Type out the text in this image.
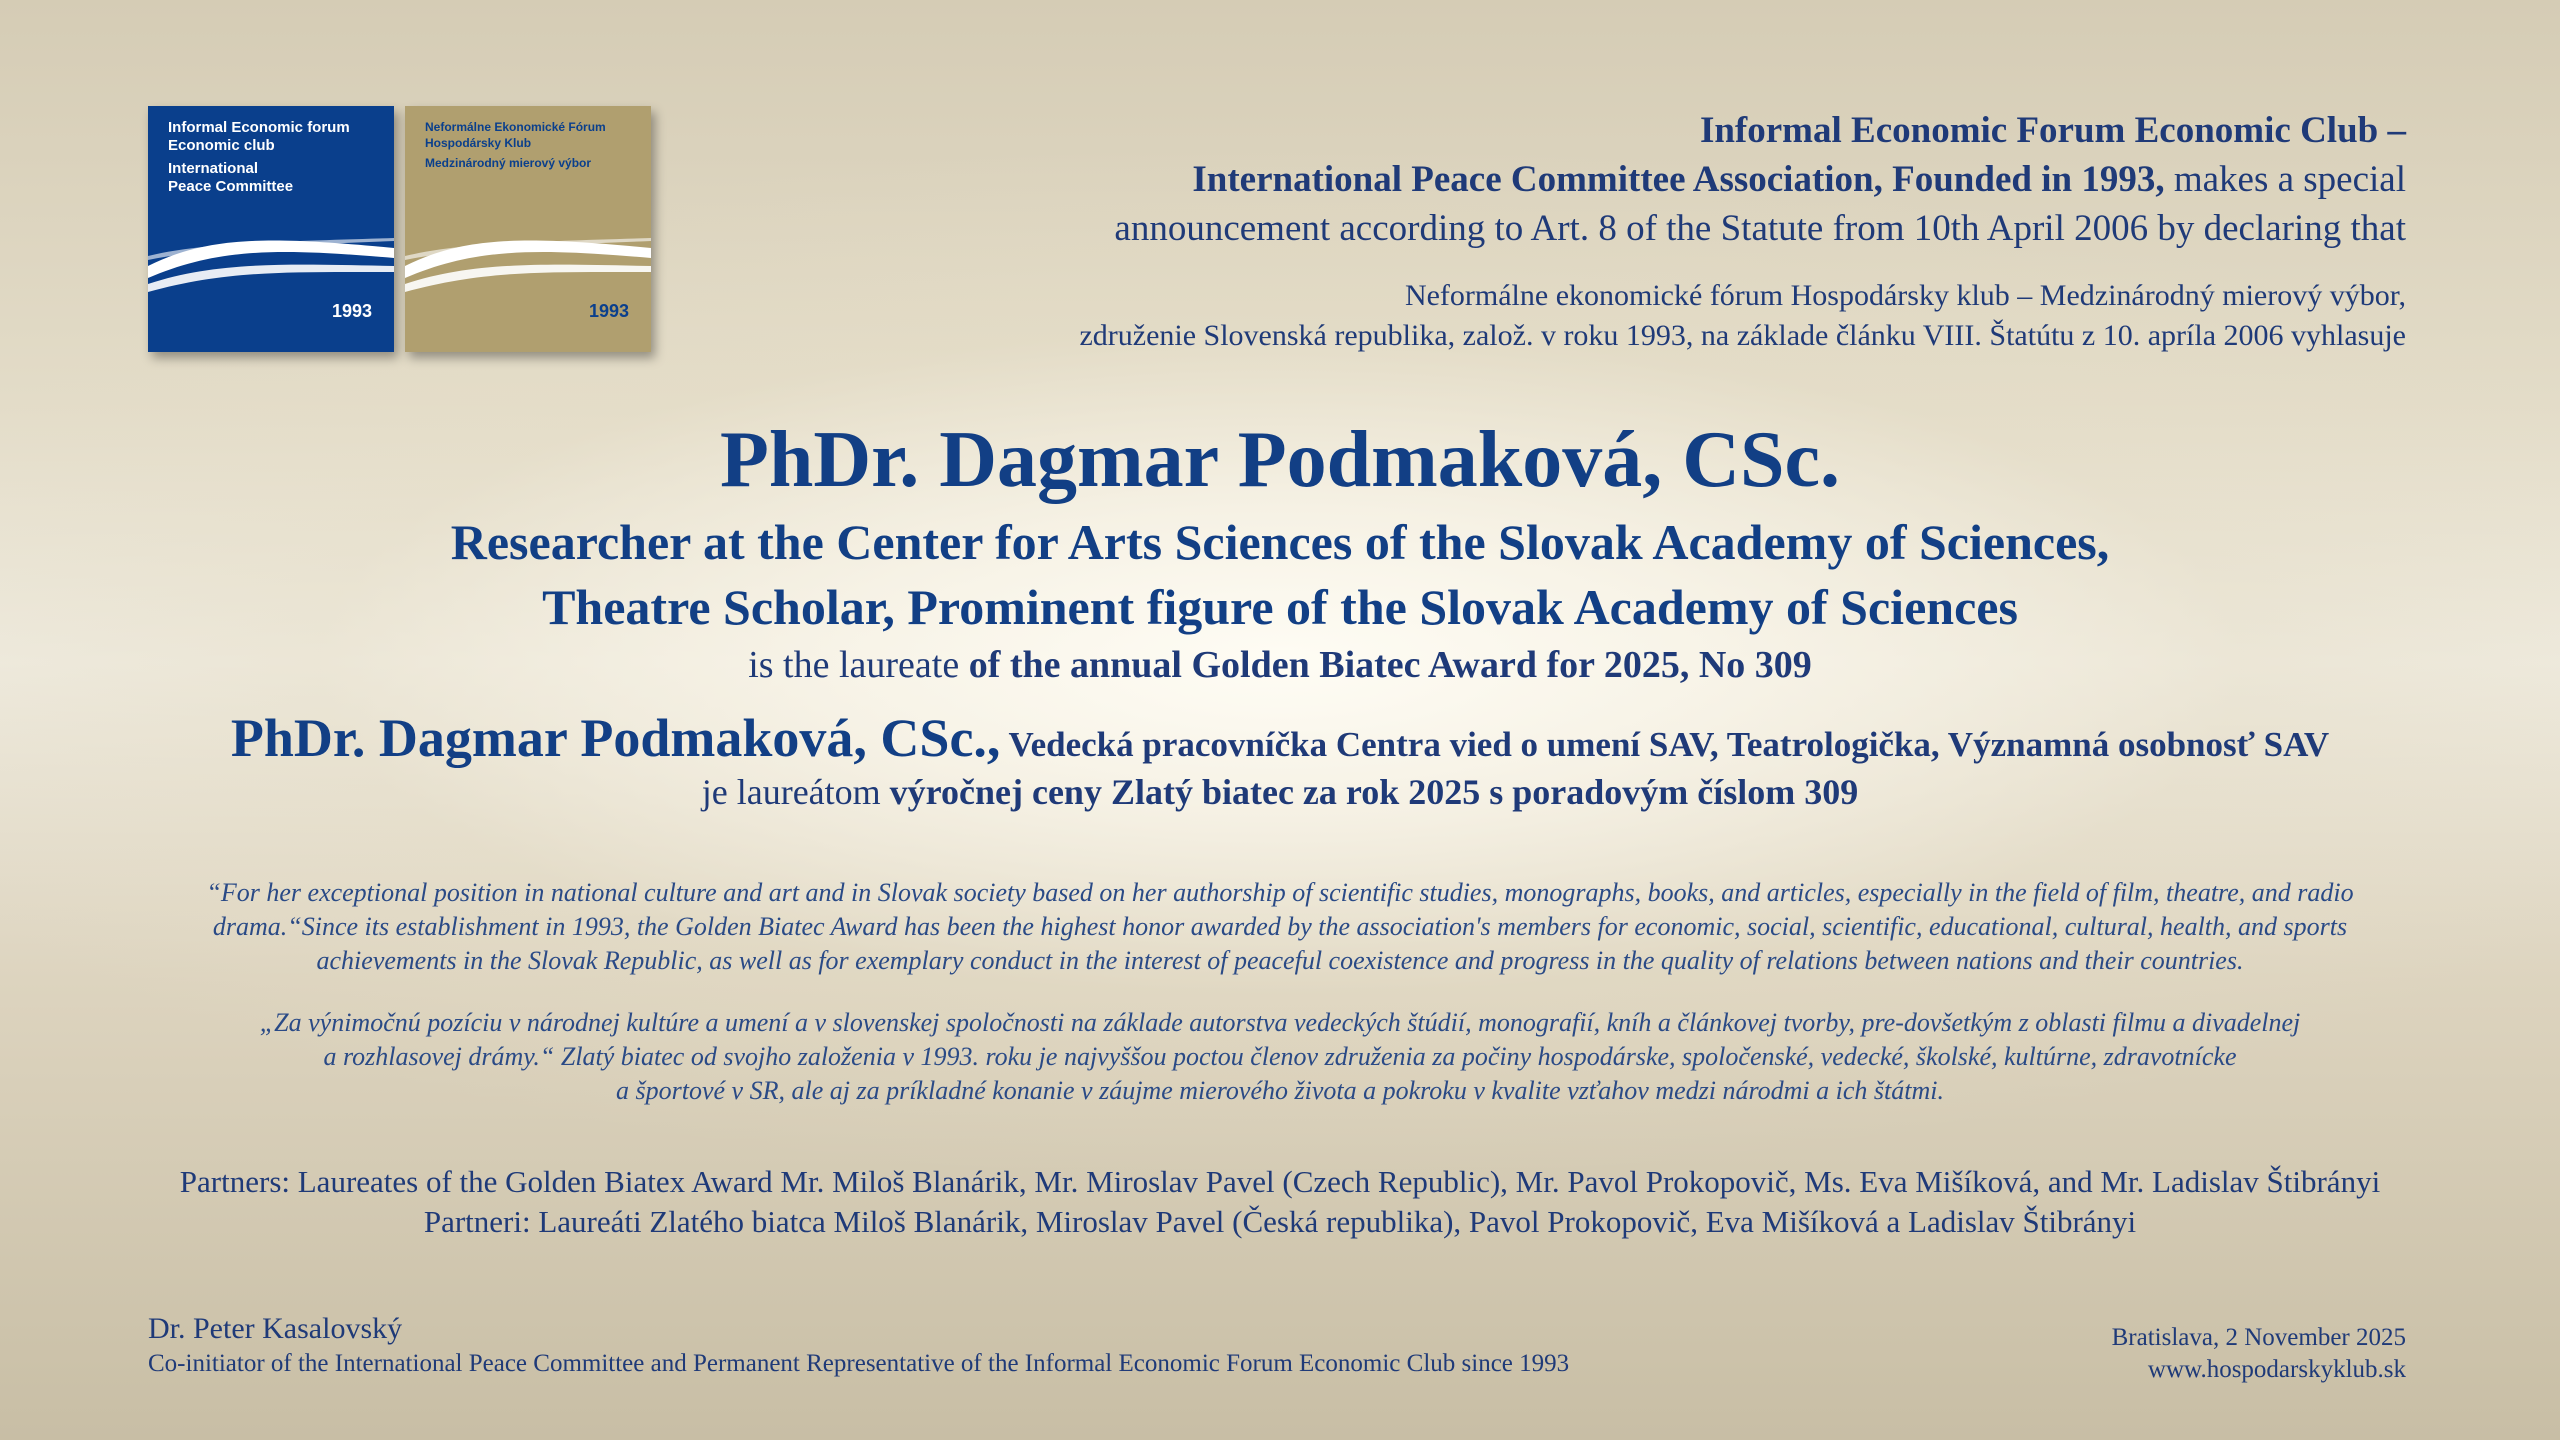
Informal Economic forum
Economic club
International
Peace Committee
1993
Neformálne Ekonomické Fórum
Hospodársky Klub
Medzinárodný mierový výbor
1993
Informal Economic Forum Economic Club –
International Peace Committee Association, Founded in 1993, makes a special
announcement according to Art. 8 of the Statute from 10th April 2006 by declaring that
Neformálne ekonomické fórum Hospodársky klub – Medzinárodný mierový výbor,
združenie Slovenská republika, založ. v roku 1993, na základe článku VIII. Štatútu z 10. apríla 2006 vyhlasuje
PhDr. Dagmar Podmaková, CSc.
Researcher at the Center for Arts Sciences of the Slovak Academy of Sciences,
Theatre Scholar, Prominent figure of the Slovak Academy of Sciences
is the laureate of the annual Golden Biatec Award for 2025, No 309
PhDr. Dagmar Podmaková, CSc., Vedecká pracovníčka Centra vied o umení SAV, Teatrologička, Významná osobnosť SAV
je laureátom výročnej ceny Zlatý biatec za rok 2025 s poradovým číslom 309
“For her exceptional position in national culture and art and in Slovak society based on her authorship of scientific studies, monographs, books, and articles, especially in the field of film, theatre, and radio
drama.“Since its establishment in 1993, the Golden Biatec Award has been the highest honor awarded by the association's members for economic, social, scientific, educational, cultural, health, and sports
achievements in the Slovak Republic, as well as for exemplary conduct in the interest of peaceful coexistence and progress in the quality of relations between nations and their countries.
„Za výnimočnú pozíciu v národnej kultúre a umení a v slovenskej spoločnosti na základe autorstva vedeckých štúdií, monografií, kníh a článkovej tvorby, pre-dovšetkým z oblasti filmu a divadelnej
a rozhlasovej drámy.“ Zlatý biatec od svojho založenia v 1993. roku je najvyššou poctou členov združenia za počiny hospodárske, spoločenské, vedecké, školské, kultúrne, zdravotnícke
a športové v SR, ale aj za príkladné konanie v záujme mierového života a pokroku v kvalite vzťahov medzi národmi a ich štátmi.
Partners: Laureates of the Golden Biatex Award Mr. Miloš Blanárik, Mr. Miroslav Pavel (Czech Republic), Mr. Pavol Prokopovič, Ms. Eva Mišíková, and Mr. Ladislav Štibrányi
Partneri: Laureáti Zlatého biatca Miloš Blanárik, Miroslav Pavel (Česká republika), Pavol Prokopovič, Eva Mišíková a Ladislav Štibrányi
Dr. Peter Kasalovský
Co-initiator of the International Peace Committee and Permanent Representative of the Informal Economic Forum Economic Club since 1993
Bratislava, 2 November 2025
www.hospodarskyklub.sk
